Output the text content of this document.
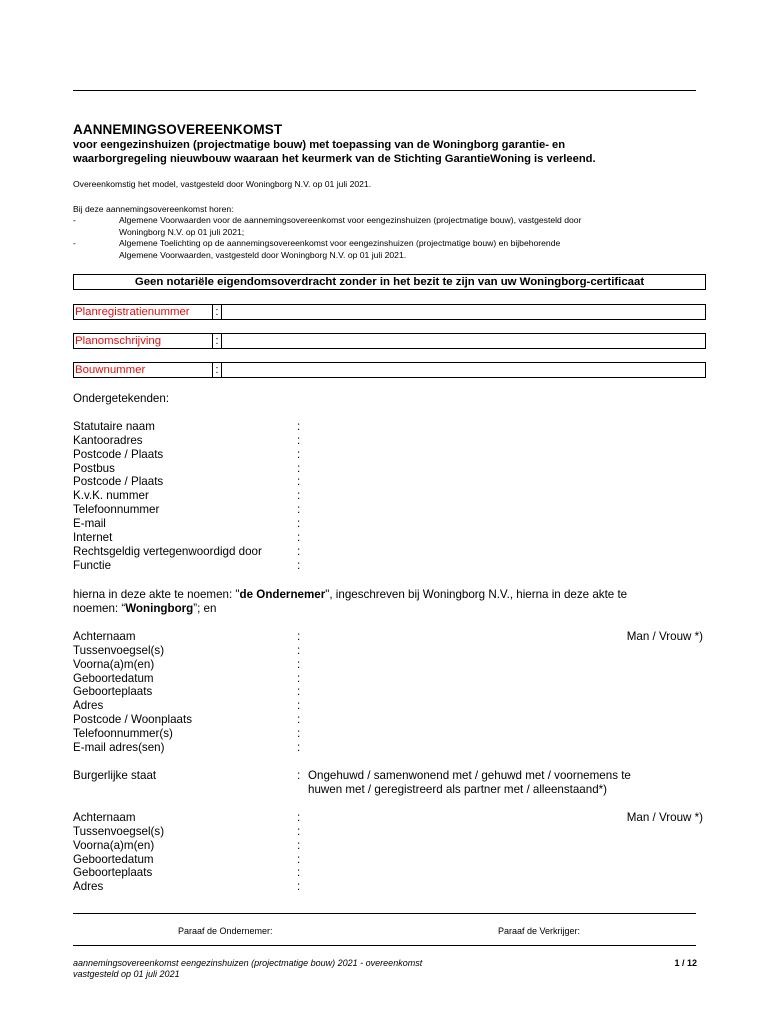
AANNEMINGSOVEREENKOMST
voor eengezinshuizen (projectmatige bouw) met toepassing van de Woningborg garantie- en
waarborgregeling nieuwbouw waaraan het keurmerk van de Stichting GarantieWoning is verleend.
Overeenkomstig het model, vastgesteld door Woningborg N.V. op 01 juli 2021.
Bij deze aannemingsovereenkomst horen:
-	Algemene Voorwaarden voor de aannemingsovereenkomst voor eengezinshuizen (projectmatige bouw), vastgesteld door
Woningborg N.V. op 01 juli 2021;
-	Algemene Toelichting op de aannemingsovereenkomst voor eengezinshuizen (projectmatige bouw) en bijbehorende
Algemene Voorwaarden, vastgesteld door Woningborg N.V. op 01 juli 2021.
Geen notariële eigendomsoverdracht zonder in het bezit te zijn van uw Woningborg-certificaat
Planregistratienummer	:
Planomschrijving	:
Bouwnummer	:
Ondergetekenden:
Statutaire naam	:
Kantooradres	:
Postcode / Plaats	:
Postbus	:
Postcode / Plaats	:
K.v.K. nummer	:
Telefoonnummer	:
E-mail	:
Internet	:
Rechtsgeldig vertegenwoordigd door	:
Functie	:
hierna in deze akte te noemen: "de Ondernemer", ingeschreven bij Woningborg N.V., hierna in deze akte te
noemen: “Woningborg”; en
Achternaam	:	Man / Vrouw *)
Tussenvoegsel(s)	:
Voorna(a)m(en)	:
Geboortedatum	:
Geboorteplaats	:
Adres	:
Postcode / Woonplaats	:
Telefoonnummer(s)	:
E-mail adres(sen)	:
Burgerlijke staat	: Ongehuwd / samenwonend met / gehuwd met / voornemens te
huwen met / geregistreerd als partner met / alleenstaand*)
Achternaam	:	Man / Vrouw *)
Tussenvoegsel(s)	:
Voorna(a)m(en)	:
Geboortedatum	:
Geboorteplaats	:
Adres	:
Paraaf de Ondernemer:	Paraaf de Verkrijger:
aannemingsovereenkomst eengezinshuizen (projectmatige bouw) 2021 - overeenkomst
vastgesteld op 01 juli 2021
1 / 12
